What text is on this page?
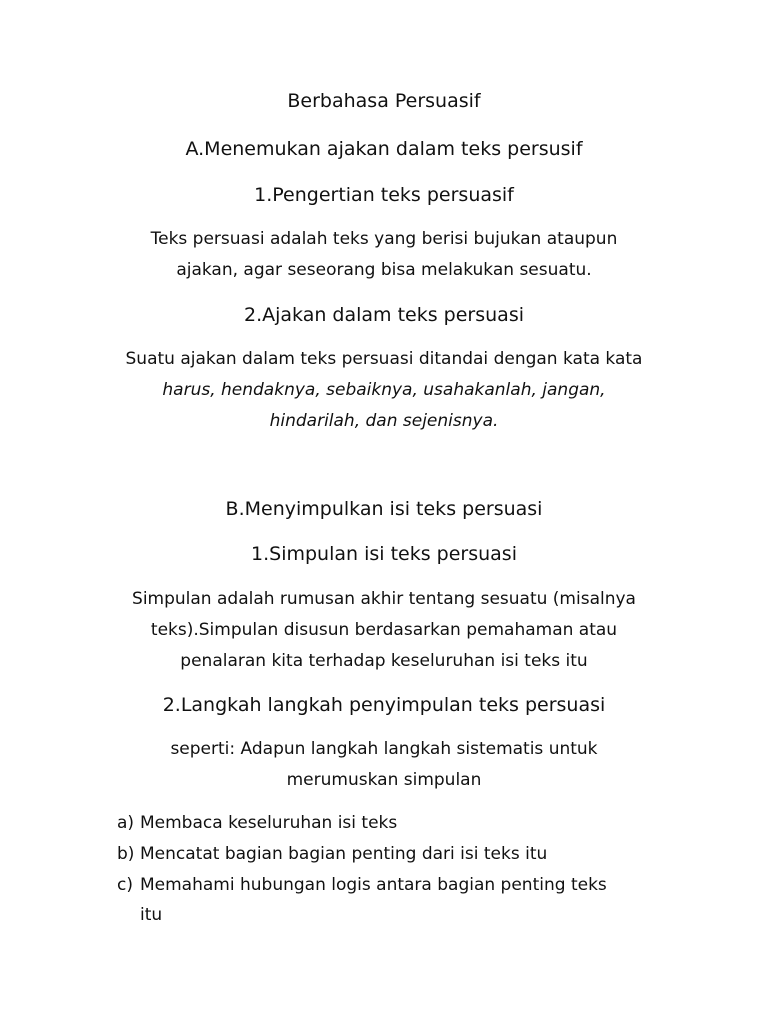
Berbahasa Persuasif
A.Menemukan ajakan dalam teks persusif
1.Pengertian teks persuasif
Teks persuasi adalah teks yang berisi bujukan ataupun
ajakan, agar seseorang bisa melakukan sesuatu.
2.Ajakan dalam teks persuasi
Suatu ajakan dalam teks persuasi ditandai dengan kata kata
harus, hendaknya, sebaiknya, usahakanlah, jangan,
hindarilah, dan sejenisnya.
B.Menyimpulkan isi teks persuasi
1.Simpulan isi teks persuasi
Simpulan adalah rumusan akhir tentang sesuatu (misalnya
teks).Simpulan disusun berdasarkan pemahaman atau
penalaran kita terhadap keseluruhan isi teks itu
2.Langkah langkah penyimpulan teks persuasi
seperti: Adapun langkah langkah sistematis untuk
merumuskan simpulan
a) Membaca keseluruhan isi teks
b) Mencatat bagian bagian penting dari isi teks itu
c) Memahami hubungan logis antara bagian penting teks
itu
